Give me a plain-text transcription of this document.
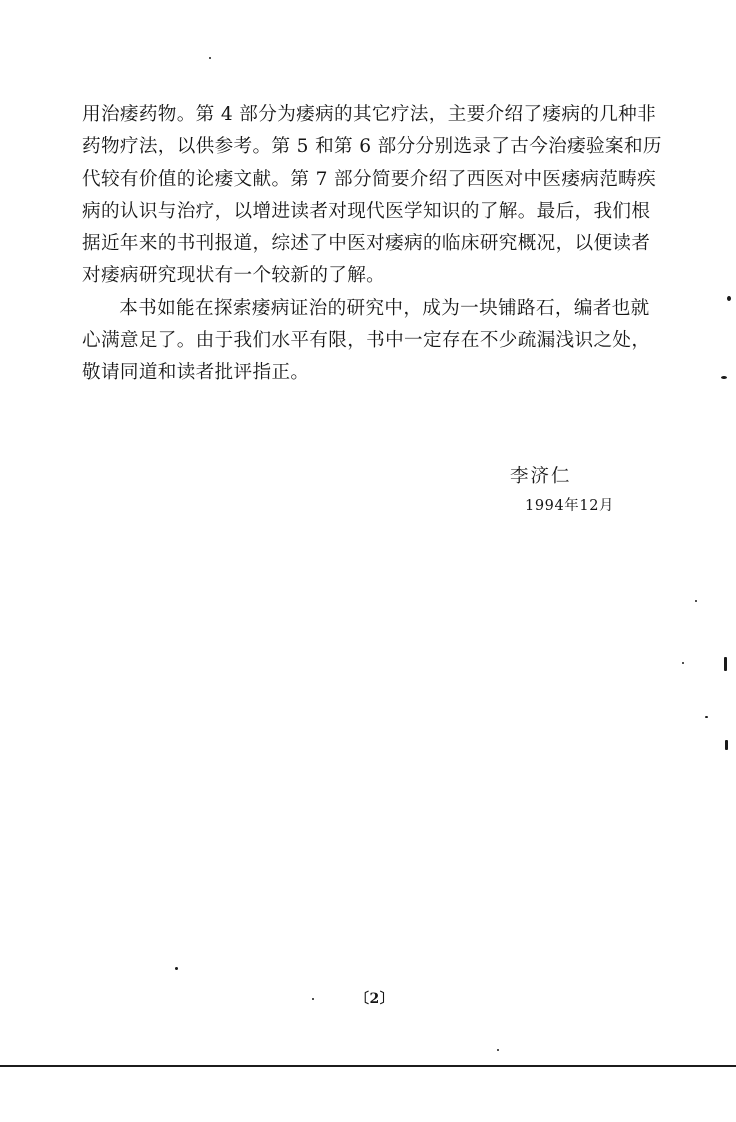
用治痿药物。第 4 部分为痿病的其它疗法，主要介绍了痿病的几种非药物疗法，以供参考。第 5 和第 6 部分分别选录了古今治痿验案和历代较有价值的论痿文献。第 7 部分简要介绍了西医对中医痿病范畴疾病的认识与治疗，以增进读者对现代医学知识的了解。最后，我们根据近年来的书刊报道，综述了中医对痿病的临床研究概况，以便读者对痿病研究现状有一个较新的了解。

本书如能在探索痿病证治的研究中，成为一块铺路石，编者也就心满意足了。由于我们水平有限，书中一定存在不少疏漏浅识之处，敬请同道和读者批评指正。

李济仁
1994年12月
〔2〕
